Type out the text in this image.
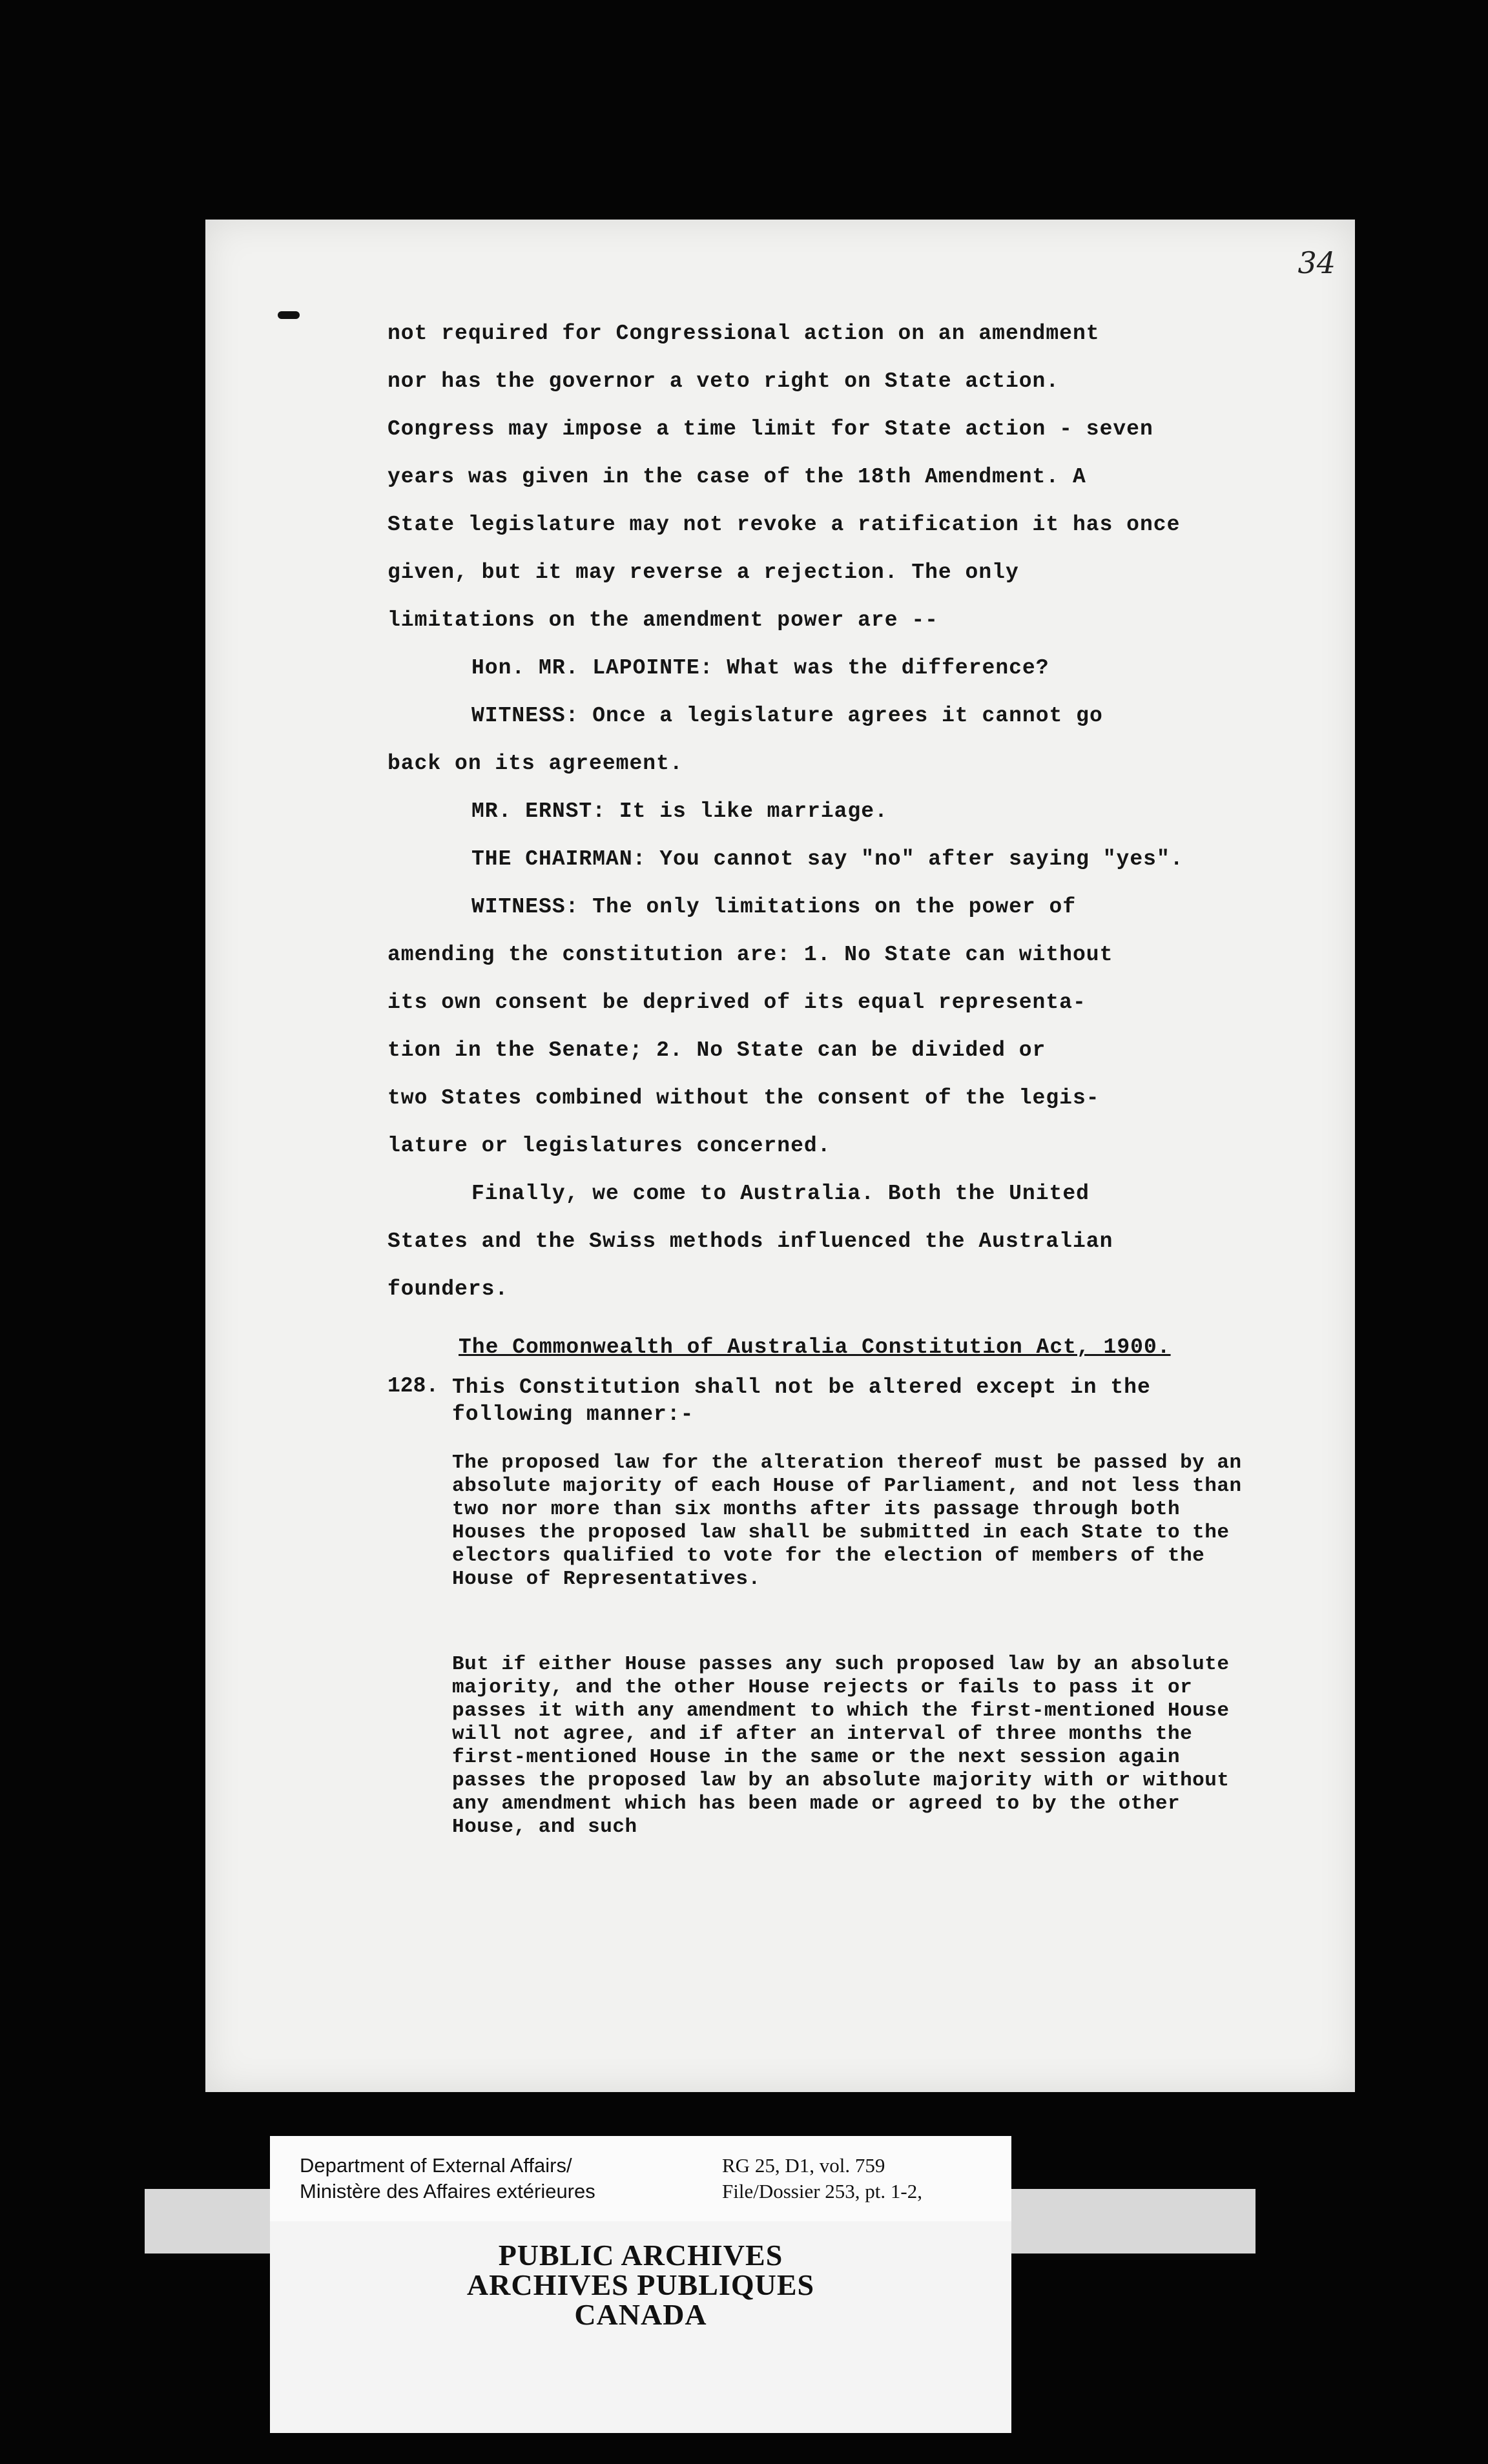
34

not required for Congressional action on an amendment

nor has the governor a veto right on State action.

Congress may impose a time limit for State action - seven

years was given in the case of the 18th Amendment. A

State legislature may not revoke a ratification it has once

given, but it may reverse a rejection. The only

limitations on the amendment power are --

Hon. MR. LAPOINTE: What was the difference?

WITNESS: Once a legislature agrees it cannot go

back on its agreement.

MR. ERNST: It is like marriage.

THE CHAIRMAN: You cannot say "no" after saying "yes".

WITNESS: The only limitations on the power of

amending the constitution are: 1. No State can without

its own consent be deprived of its equal representa-

tion in the Senate; 2. No State can be divided or

two States combined without the consent of the legis-

lature or legislatures concerned.

Finally, we come to Australia. Both the United

States and the Swiss methods influenced the Australian

founders.

The Commonwealth of Australia Constitution Act, 1900.
128. This Constitution shall not be altered except in the following manner:-
The proposed law for the alteration thereof must be passed by an absolute majority of each House of Parliament, and not less than two nor more than six months after its passage through both Houses the proposed law shall be submitted in each State to the electors qualified to vote for the election of members of the House of Representatives.
But if either House passes any such proposed law by an absolute majority, and the other House rejects or fails to pass it or passes it with any amendment to which the first-mentioned House will not agree, and if after an interval of three months the first-mentioned House in the same or the next session again passes the proposed law by an absolute majority with or without any amendment which has been made or agreed to by the other House, and such
Department of External Affairs/
Ministère des Affaires extérieures
RG 25, D1, vol. 759
File/Dossier 253, pt. 1-2,
PUBLIC ARCHIVES
ARCHIVES PUBLIQUES
CANADA
